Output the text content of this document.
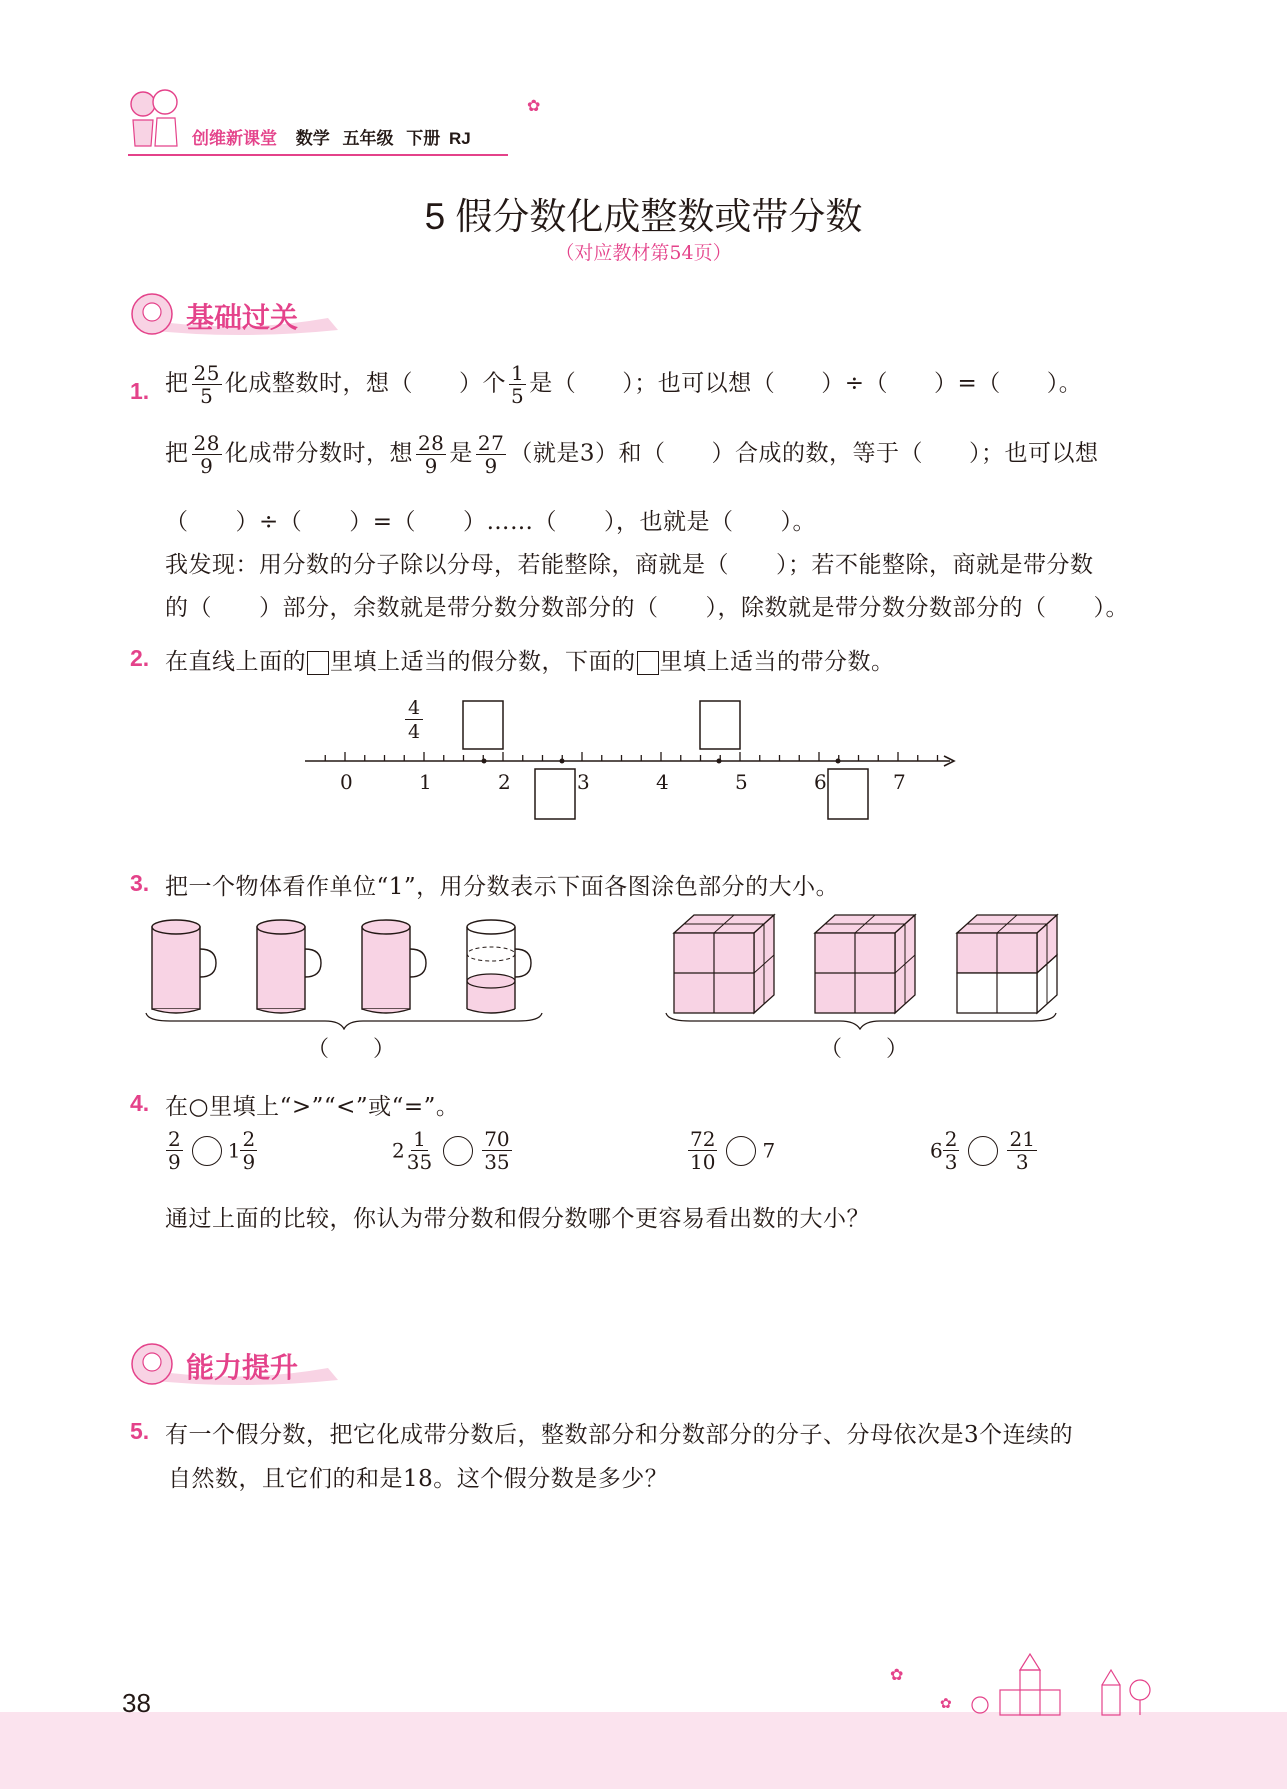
创维新课堂 数学 五年级 下册 RJ
✿
5 假分数化成整数或带分数
（对应教材第54页）
基础过关
1. 把 $\frac{25}{5}$ 化成整数时，想（ ）个 $\frac{1}{5}$ 是（ ）；也可以想（ ）÷（ ）=（ ）。
把 $\frac{28}{9}$ 化成带分数时，想 $\frac{28}{9}$ 是 $\frac{27}{9}$ （就是3）和（ ）合成的数，等于（ ）；也可以想
（　　）÷（　　）=（　　）……（　　），也就是（　　）。
我发现：用分数的分子除以分母，若能整除，商就是（　　）；若不能整除，商就是带分数
的（　　）部分，余数就是带分数分数部分的（　　），除数就是带分数分数部分的（　　）。
2. 在直线上面的 里填上适当的假分数，下面的 里填上适当的带分数。
4
4
0	1	2	3	4	5	6	7
3. 把一个物体看作单位“1”，用分数表示下面各图涂色部分的大小。
（　　）	（　　）
4. 在○里填上“>”“<”或“=”。
$\frac{2}{9} 1 \frac{2}{9}$	$2 \frac{1}{35} \frac{70}{35}$	$\frac{72}{10} 7$	$6 \frac{2}{3} \frac{21}{3}$
通过上面的比较，你认为带分数和假分数哪个更容易看出数的大小？
能力提升
5. 有一个假分数，把它化成带分数后，整数部分和分数部分的分子、分母依次是3个连续的
自然数，且它们的和是18。这个假分数是多少？
38
✿
✿
